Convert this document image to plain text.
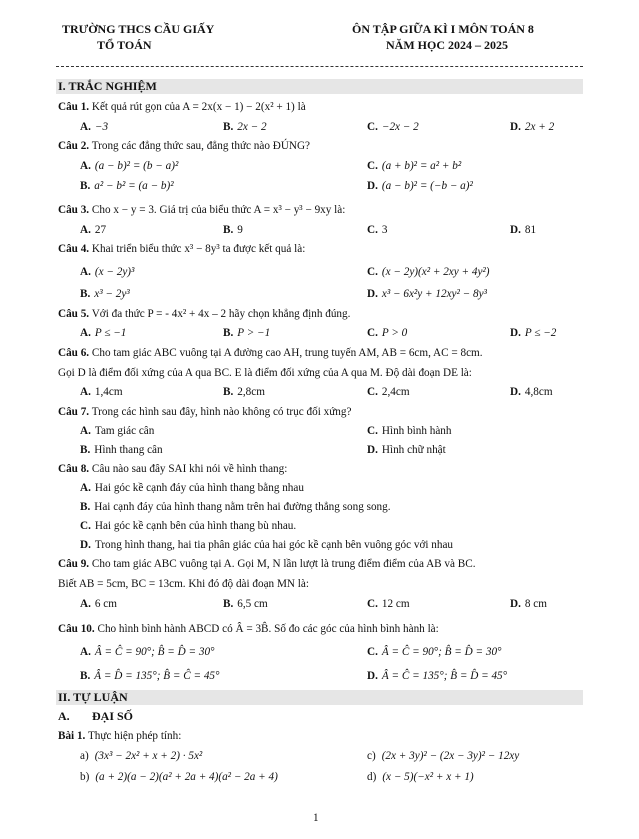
TRƯỜNG THCS CẦU GIẤY
TỔ TOÁN
ÔN TẬP GIỮA KÌ I MÔN TOÁN 8
NĂM HỌC 2024 – 2025
I. TRẮC NGHIỆM
Câu 1. Kết quả rút gọn của A = 2x(x − 1) − 2(x² + 1) là
A. −3	B. 2x − 2	C. −2x − 2	D. 2x + 2
Câu 2. Trong các đẳng thức sau, đẳng thức nào ĐÚNG?
A. (a − b)² = (b − a)²	C. (a + b)² = a² + b²
B. a² − b² = (a − b)²	D. (a − b)² = (−b − a)²
Câu 3. Cho x − y = 3. Giá trị của biểu thức A = x³ − y³ − 9xy là:
A. 27	B. 9	C. 3	D. 81
Câu 4. Khai triển biểu thức x³ − 8y³ ta được kết quả là:
A. (x − 2y)³	C. (x − 2y)(x² + 2xy + 4y²)
B. x³ − 2y³	D. x³ − 6x²y + 12xy² − 8y³
Câu 5. Với đa thức P = - 4x² + 4x – 2 hãy chọn khẳng định đúng.
A. P ≤ −1	B. P > −1	C. P > 0	D. P ≤ −2
Câu 6. Cho tam giác ABC vuông tại A đường cao AH, trung tuyến AM, AB = 6cm, AC = 8cm.
Gọi D là điểm đối xứng của A qua BC. E là điểm đối xứng của A qua M. Độ dài đoạn DE là:
A. 1,4cm	B. 2,8cm	C. 2,4cm	D. 4,8cm
Câu 7. Trong các hình sau đây, hình nào không có trục đối xứng?
A. Tam giác cân	C. Hình bình hành
B. Hình thang cân	D. Hình chữ nhật
Câu 8. Câu nào sau đây SAI khi nói về hình thang:
A. Hai góc kề cạnh đáy của hình thang bằng nhau
B. Hai cạnh đáy của hình thang nằm trên hai đường thẳng song song.
C. Hai góc kề cạnh bên của hình thang bù nhau.
D. Trong hình thang, hai tia phân giác của hai góc kề cạnh bên vuông góc với nhau
Câu 9. Cho tam giác ABC vuông tại A. Gọi M, N lần lượt là trung điểm điểm của AB và BC.
Biết AB = 5cm, BC = 13cm. Khi đó độ dài đoạn MN là:
A. 6 cm	B. 6,5 cm	C. 12 cm	D. 8 cm
Câu 10. Cho hình bình hành ABCD có Â = 3B̂. Số đo các góc của hình bình hành là:
A. Â = Ĉ = 90°; B̂ = D̂ = 30°	C. Â = Ĉ = 90°; B̂ = D̂ = 30°
B. Â = D̂ = 135°; B̂ = Ĉ = 45°	D. Â = Ĉ = 135°; B̂ = D̂ = 45°
II. TỰ LUẬN
A. ĐẠI SỐ
Bài 1. Thực hiện phép tính:
a) (3x³ − 2x² + x + 2) · 5x²	c) (2x + 3y)² − (2x − 3y)² − 12xy
b) (a + 2)(a − 2)(a² + 2a + 4)(a² − 2a + 4)	d) (x − 5)(−x² + x + 1)
1
